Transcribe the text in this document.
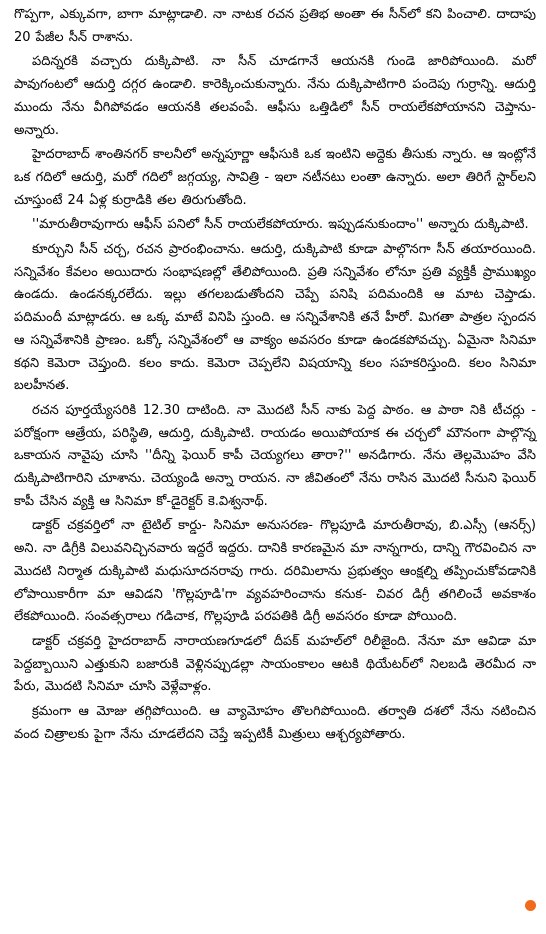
గొప్పగా, ఎక్కువగా, బాగా మాట్లాడాలి. నా నాటక రచన ప్రతిభ అంతా ఈ సీన్‌లో కని పించాలి. దాదాపు 20 పేజీల సీన్ రాశాను.

పదిన్నరకి వచ్చారు దుక్కిపాటి. నా సీన్ చూడగానే ఆయనకి గుండె జారిపోయింది. మరో పావుగంటలో ఆదుర్తి దగ్గర ఉండాలి. కారెక్కించుకున్నారు. నేను దుక్కిపాటిగారి పందెపు గుర్రాన్ని. ఆదుర్తి ముందు నేను వీగిపోవడం ఆయనకి తలవంపే. ఆఫీసు ఒత్తిడిలో సీన్ రాయలేకపోయానని చెప్తాను- అన్నారు.

హైదరాబాద్ శాంతినగర్ కాలనీలో అన్నపూర్ణా ఆఫీసుకి ఒక ఇంటిని అద్దెకు తీసుకు న్నారు. ఆ ఇంట్లోనే ఒక గదిలో ఆదుర్తి, మరో గదిలో జగ్గయ్య, సావిత్రి - ఇలా నటీనటు లంతా ఉన్నారు. అలా తిరిగే స్టార్‌లని చూస్తుంటే 24 ఏళ్ల కుర్రాడికి తల తిరుగుతోంది.

''మారుతీరావుగారు ఆఫీస్ పనిలో సీన్ రాయలేకపోయారు. ఇప్పుడనుకుందాం'' అన్నారు దుక్కిపాటి.

కూర్చుని సీన్ చర్చ, రచన ప్రారంభించాను. ఆదుర్తి, దుక్కిపాటి కూడా పాల్గొనగా సీన్ తయారయింది. సన్నివేశం కేవలం అయిదారు సంభాషణల్లో తేలిపోయింది. ప్రతి సన్నివేశం లోనూ ప్రతి వ్యక్తికీ ప్రాముఖ్యం ఉండదు. ఉండనక్కరలేదు. ఇల్లు తగలబడుతోందని చెప్పే పనిషి పదిమందికి ఆ మాట చెప్తాడు. పదిమందీ మాట్లాడరు. ఆ ఒక్క మాటే వినిపి స్తుంది. ఆ సన్నివేశానికి తనే హీరో. మిగతా పాత్రల స్పందన ఆ సన్నివేశానికి ప్రాణం. ఒక్కో సన్నివేశంలో ఆ వాక్యం అవసరం కూడా ఉండకపోవచ్చు. ఏమైనా సినిమా కథని కెమెరా చెప్తుంది. కలం కాదు. కెమెరా చెప్పలేని విషయాన్ని కలం సహకరిస్తుంది. కలం సినిమా బలహీనత.

రచన పూర్తయ్యేసరికి 12.30 దాటింది. నా మొదటి సీన్ నాకు పెద్ద పాఠం. ఆ పాఠా నికి టీచర్లు - పరోక్షంగా ఆత్రేయ, పరిస్థితి, ఆదుర్తి, దుక్కిపాటి. రాయడం అయిపోయాక ఈ చర్చలో మౌనంగా పాల్గొన్న ఒకాయన నావైపు చూసి ''దీన్ని ఫెయిర్ కాపీ చెయ్యగలు తారా?'' అనడిగారు. నేను తెల్లమొహం వేసి దుక్కిపాటిగారిని చూశాను. చెయ్యండి అన్నా రాయన. నా జీవితంలో నేను రాసిన మొదటి సీనుని ఫెయిర్ కాపీ చేసిన వ్యక్తి ఆ సినిమా కో-డైరెక్టర్ కె.విశ్వనాథ్.

డాక్టర్ చక్రవర్తిలో నా టైటిల్ కార్డు- సినిమా అనుసరణ- గొల్లపూడి మారుతీరావు, బి.ఎస్సీ (ఆనర్స్) అని. నా డిగ్రీకి విలువనిచ్చినవారు ఇద్దరే ఇద్దరు. దానికి కారణమైన మా నాన్నగారు, దాన్ని గౌరవించిన నా మొదటి నిర్మాత దుక్కిపాటి మధుసూదనరావు గారు. దరిమిలాను ప్రభుత్వం ఆంక్షల్ని తప్పించుకోవడానికి లోపాయికారీగా మా ఆవిడని 'గొల్లపూడి'గా వ్యవహరించాను కనుక- చివర డిగ్రీ తగిలించే అవకాశం లేకపోయింది. సంవత్సరాలు గడిచాక, గొల్లపూడి పరపతికి డిగ్రీ అవసరం కూడా పోయింది.

డాక్టర్ చక్రవర్తి హైదరాబాద్ నారాయణగూడలో దీపక్ మహల్‌లో రిలీజైంది. నేనూ మా ఆవిడా మా పెద్దబ్బాయిని ఎత్తుకుని బజారుకి వెళ్లినప్పుడల్లా సాయంకాలం ఆటకి థియేటర్‌లో నిలబడి తెరమీద నా పేరు, మొదటి సినిమా చూసి వెళ్లేవాళ్లం.

క్రమంగా ఆ మోజు తగ్గిపోయింది. ఆ వ్యామోహం తొలగిపోయింది. తర్వాతి దశలో నేను నటించిన వంద చిత్రాలకు పైగా నేను చూడలేదని చెప్తే ఇప్పటికీ మిత్రులు ఆశ్చర్యపోతారు.
